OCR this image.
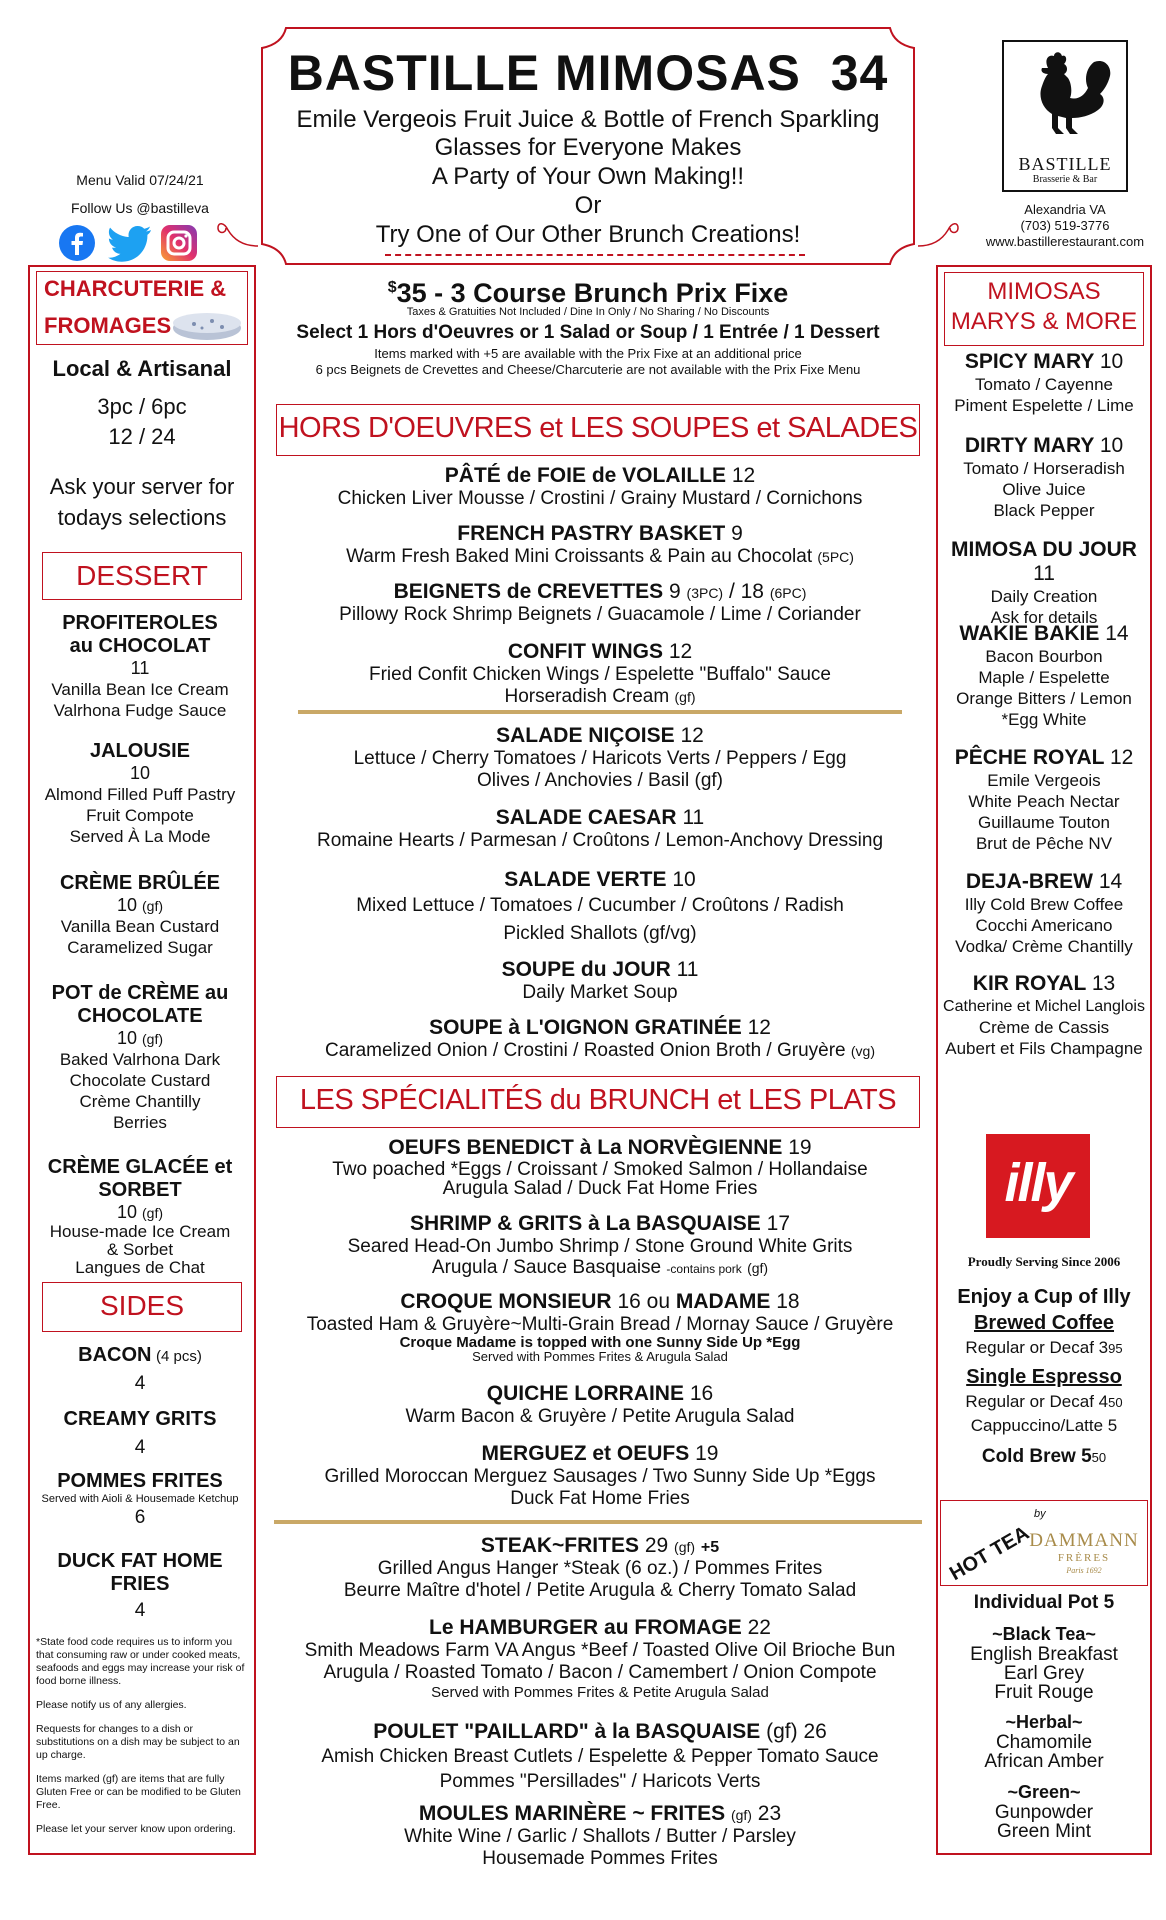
BASTILLE MIMOSAS  34
Emile Vergeois Fruit Juice & Bottle of French Sparkling
Glasses for Everyone Makes
A Party of Your Own Making!!
Or
Try One of Our Other Brunch Creations!
$35 - 3 Course Brunch Prix Fixe
Taxes & Gratuities Not Included / Dine In Only / No Sharing / No Discounts
Select 1 Hors d'Oeuvres or 1 Salad or Soup / 1 Entrée / 1 Dessert
Items marked with +5 are available with the Prix Fixe at an additional price
6 pcs Beignets de Crevettes and Cheese/Charcuterie are not available with the Prix Fixe Menu
Menu Valid 07/24/21
Follow Us @bastilleva
BASTILLE
Brasserie & Bar
Alexandria VA
(703) 519-3776
www.bastillerestaurant.com
CHARCUTERIE &
FROMAGES
Local & Artisanal
3pc / 6pc
12 / 24
Ask your server for
todays selections
DESSERT
PROFITEROLES
au CHOCOLAT
11
Vanilla Bean Ice Cream
Valrhona Fudge Sauce
JALOUSIE
10
Almond Filled Puff Pastry
Fruit Compote
Served À La Mode
CRÈME BRÛLÉE
10 (gf)
Vanilla Bean Custard
Caramelized Sugar
POT de CRÈME au
CHOCOLATE
10 (gf)
Baked Valrhona Dark
Chocolate Custard
Crème Chantilly
Berries
CRÈME GLACÉE et
SORBET
10 (gf)
House-made Ice Cream
& Sorbet
Langues de Chat
SIDES
BACON (4 pcs)
4
CREAMY GRITS
4
POMMES FRITES
Served with Aioli & Housemade Ketchup
6
DUCK FAT HOME FRIES
4
*State food code requires us to inform you that consuming raw or under cooked meats, seafoods and eggs may increase your risk of food borne illness.
Please notify us of any allergies.
Requests for changes to a dish or substitutions on a dish may be subject to an up charge.
Items marked (gf) are items that are fully Gluten Free or can be modified to be Gluten Free.
Please let your server know upon ordering.
HORS D'OEUVRES et LES SOUPES et SALADES
PÂTÉ de FOIE de VOLAILLE 12
Chicken Liver Mousse / Crostini / Grainy Mustard / Cornichons
FRENCH PASTRY BASKET 9
Warm Fresh Baked Mini Croissants & Pain au Chocolat (5PC)
BEIGNETS de CREVETTES 9 (3PC) / 18 (6PC)
Pillowy Rock Shrimp Beignets / Guacamole / Lime / Coriander
CONFIT WINGS 12
Fried Confit Chicken Wings / Espelette "Buffalo" Sauce
Horseradish Cream (gf)
SALADE NIÇOISE 12
Lettuce / Cherry Tomatoes / Haricots Verts / Peppers / Egg
Olives / Anchovies / Basil (gf)
SALADE CAESAR 11
Romaine Hearts / Parmesan / Croûtons / Lemon-Anchovy Dressing
SALADE VERTE 10
Mixed Lettuce / Tomatoes / Cucumber / Croûtons / Radish
Pickled Shallots (gf/vg)
SOUPE du JOUR 11
Daily Market Soup
SOUPE à L'OIGNON GRATINÉE 12
Caramelized Onion / Crostini / Roasted Onion Broth / Gruyère (vg)
LES SPÉCIALITÉS du BRUNCH et LES PLATS
OEUFS BENEDICT à La NORVÈGIENNE 19
Two poached *Eggs / Croissant / Smoked Salmon / Hollandaise
Arugula Salad / Duck Fat Home Fries
SHRIMP & GRITS à La BASQUAISE 17
Seared Head-On Jumbo Shrimp / Stone Ground White Grits
Arugula / Sauce Basquaise -contains pork (gf)
CROQUE MONSIEUR 16 ou MADAME 18
Toasted Ham & Gruyère~Multi-Grain Bread / Mornay Sauce / Gruyère
Croque Madame is topped with one Sunny Side Up *Egg
Served with Pommes Frites & Arugula Salad
QUICHE LORRAINE 16
Warm Bacon & Gruyère / Petite Arugula Salad
MERGUEZ et OEUFS 19
Grilled Moroccan Merguez Sausages / Two Sunny Side Up *Eggs
Duck Fat Home Fries
STEAK~FRITES 29 (gf) +5
Grilled Angus Hanger *Steak (6 oz.) / Pommes Frites
Beurre Maître d'hotel / Petite Arugula & Cherry Tomato Salad
Le HAMBURGER au FROMAGE 22
Smith Meadows Farm VA Angus *Beef / Toasted Olive Oil Brioche Bun
Arugula / Roasted Tomato / Bacon / Camembert / Onion Compote
Served with Pommes Frites & Petite Arugula Salad
POULET "PAILLARD" à la BASQUAISE (gf) 26
Amish Chicken Breast Cutlets / Espelette & Pepper Tomato Sauce
Pommes "Persillades" / Haricots Verts
MOULES MARINÈRE ~ FRITES (gf) 23
White Wine / Garlic / Shallots / Butter / Parsley
Housemade Pommes Frites
MIMOSAS
MARYS & MORE
SPICY MARY 10
Tomato / Cayenne
Piment Espelette / Lime
DIRTY MARY 10
Tomato / Horseradish
Olive Juice
Black Pepper
MIMOSA DU JOUR 11
Daily Creation
Ask for details
WAKIE BAKIE 14
Bacon Bourbon
Maple / Espelette
Orange Bitters / Lemon
*Egg White
PÊCHE ROYAL 12
Emile Vergeois
White Peach Nectar
Guillaume Touton
Brut de Pêche NV
DEJA-BREW 14
Illy Cold Brew Coffee
Cocchi Americano
Vodka/ Crème Chantilly
KIR ROYAL 13
Catherine et Michel Langlois
Crème de Cassis
Aubert et Fils Champagne
illy
Proudly Serving Since 2006
Enjoy a Cup of Illy
Brewed Coffee
Regular or Decaf 395
Single Espresso
Regular or Decaf 450
Cappuccino/Latte 5
Cold Brew 550
HOT TEA
by
DAMMANN
FRÈRES
Paris 1692
Individual Pot 5
~Black Tea~
English Breakfast
Earl Grey
Fruit Rouge
~Herbal~
Chamomile
African Amber
~Green~
Gunpowder
Green Mint
